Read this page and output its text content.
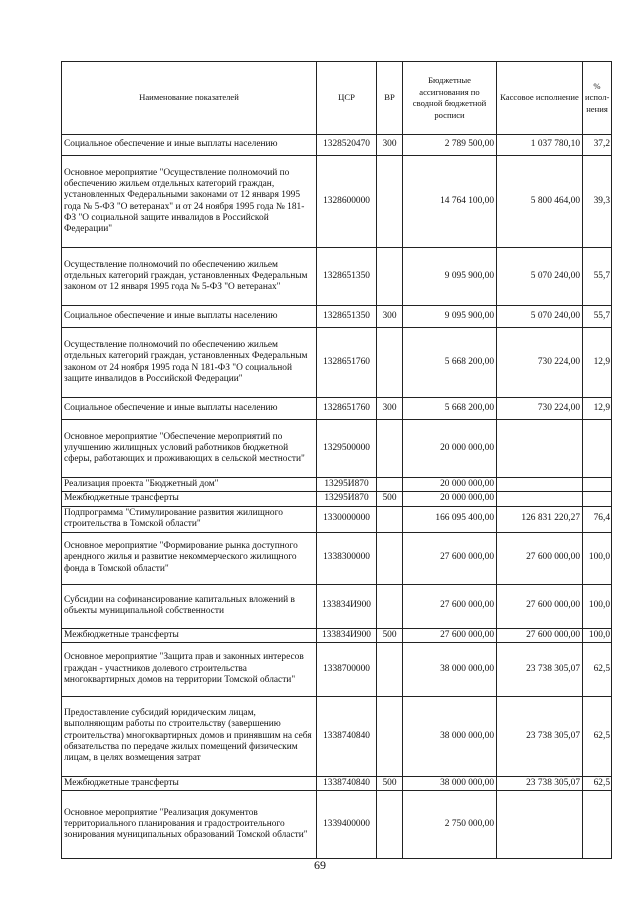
Наименование показателей	ЦСР	ВР	Бюджетные ассигнования по сводной бюджетной росписи	Кассовое исполнение	% испол-нения
Социальное обеспечение и иные выплаты населению	1328520470	300	2 789 500,00	1 037 780,10	37,2
Основное мероприятие "Осуществление полномочий по обеспечению жильем отдельных категорий граждан, установленных Федеральными законами от 12 января 1995 года № 5-ФЗ "О ветеранах" и от 24 ноября 1995 года № 181-ФЗ "О социальной защите инвалидов в Российской Федерации"	1328600000		14 764 100,00	5 800 464,00	39,3
Осуществление полномочий по обеспечению жильем отдельных категорий граждан, установленных Федеральным законом от 12 января 1995 года № 5-ФЗ "О ветеранах"	1328651350		9 095 900,00	5 070 240,00	55,7
Социальное обеспечение и иные выплаты населению	1328651350	300	9 095 900,00	5 070 240,00	55,7
Осуществление полномочий по обеспечению жильем отдельных категорий граждан, установленных Федеральным законом от 24 ноября 1995 года N 181-ФЗ "О социальной защите инвалидов в Российской Федерации"	1328651760		5 668 200,00	730 224,00	12,9
Социальное обеспечение и иные выплаты населению	1328651760	300	5 668 200,00	730 224,00	12,9
Основное мероприятие "Обеспечение мероприятий по улучшению жилищных условий работников бюджетной сферы, работающих и проживающих в сельской местности"	1329500000		20 000 000,00		
Реализация проекта "Бюджетный дом"	13295И870		20 000 000,00		
Межбюджетные трансферты	13295И870	500	20 000 000,00		
Подпрограмма "Стимулирование развития жилищного строительства в Томской области"	1330000000		166 095 400,00	126 831 220,27	76,4
Основное мероприятие "Формирование рынка доступного арендного жилья и развитие некоммерческого жилищного фонда в Томской области"	1338300000		27 600 000,00	27 600 000,00	100,0
Субсидии на софинансирование капитальных вложений в объекты муниципальной собственности	133834И900		27 600 000,00	27 600 000,00	100,0
Межбюджетные трансферты	133834И900	500	27 600 000,00	27 600 000,00	100,0
Основное мероприятие "Защита прав и законных интересов граждан - участников долевого строительства многоквартирных домов на территории Томской области"	1338700000		38 000 000,00	23 738 305,07	62,5
Предоставление субсидий юридическим лицам, выполняющим работы по строительству (завершению строительства) многоквартирных домов и принявшим на себя обязательства по передаче жилых помещений физическим лицам, в целях возмещения затрат	1338740840		38 000 000,00	23 738 305,07	62,5
Межбюджетные трансферты	1338740840	500	38 000 000,00	23 738 305,07	62,5
Основное мероприятие "Реализация документов территориального планирования и градостроительного зонирования муниципальных образований Томской области"	1339400000		2 750 000,00		
69
